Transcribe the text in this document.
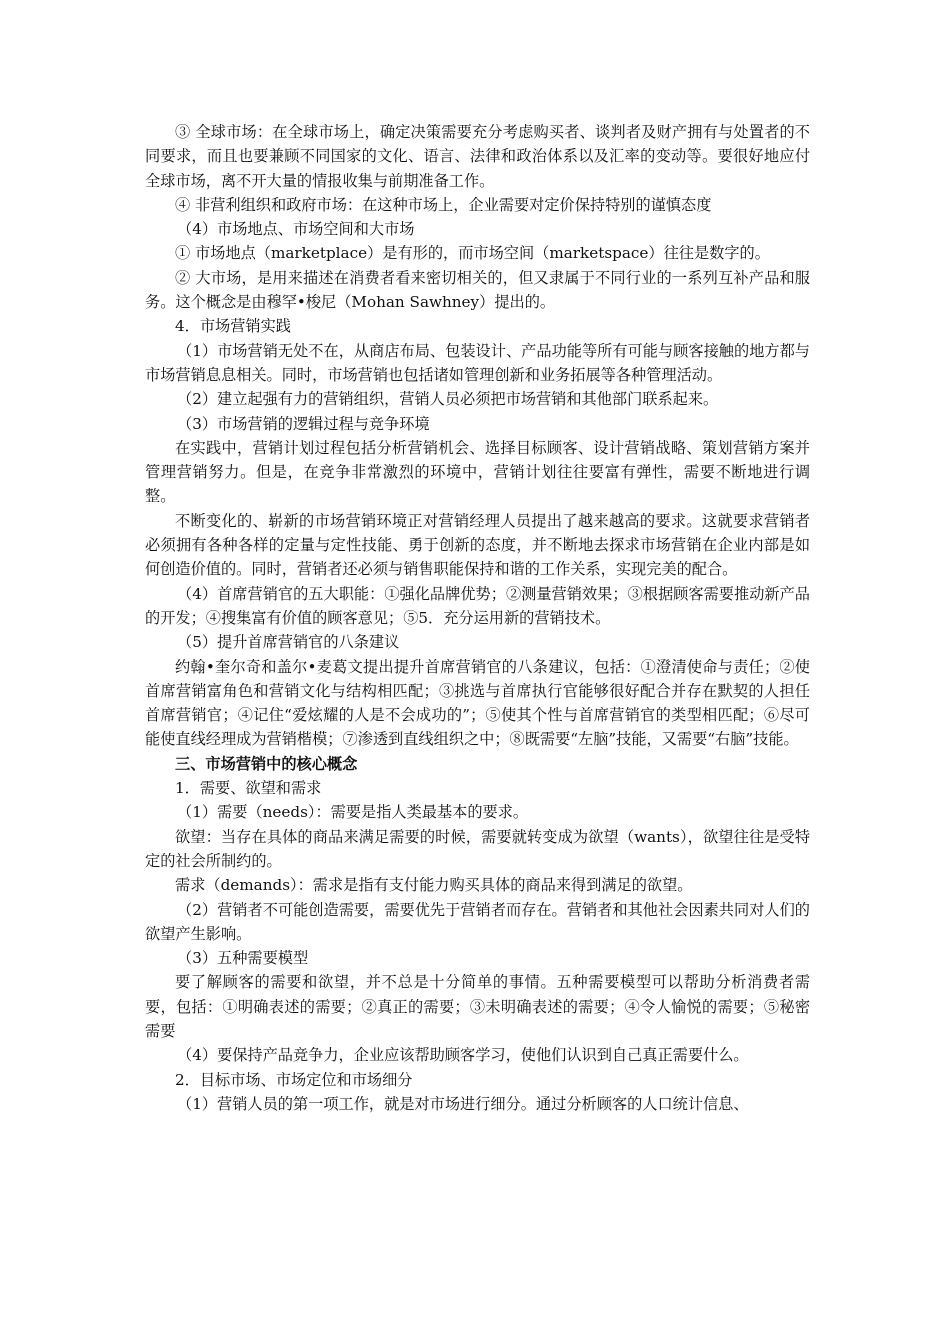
③ 全球市场：在全球市场上，确定决策需要充分考虑购买者、谈判者及财产拥有与处置者的不同要求，而且也要兼顾不同国家的文化、语言、法律和政治体系以及汇率的变动等。要很好地应付全球市场，离不开大量的情报收集与前期准备工作。

④ 非营利组织和政府市场：在这种市场上，企业需要对定价保持特别的谨慎态度

（4）市场地点、市场空间和大市场

① 市场地点（marketplace）是有形的，而市场空间（marketspace）往往是数字的。

② 大市场，是用来描述在消费者看来密切相关的，但又隶属于不同行业的一系列互补产品和服务。这个概念是由穆罕•梭尼（Mohan Sawhney）提出的。

4．市场营销实践

（1）市场营销无处不在，从商店布局、包装设计、产品功能等所有可能与顾客接触的地方都与市场营销息息相关。同时，市场营销也包括诸如管理创新和业务拓展等各种管理活动。

（2）建立起强有力的营销组织，营销人员必须把市场营销和其他部门联系起来。

（3）市场营销的逻辑过程与竞争环境

在实践中，营销计划过程包括分析营销机会、选择目标顾客、设计营销战略、策划营销方案并管理营销努力。但是，在竞争非常激烈的环境中，营销计划往往要富有弹性，需要不断地进行调整。

不断变化的、崭新的市场营销环境正对营销经理人员提出了越来越高的要求。这就要求营销者必须拥有各种各样的定量与定性技能、勇于创新的态度，并不断地去探求市场营销在企业内部是如何创造价值的。同时，营销者还必须与销售职能保持和谐的工作关系，实现完美的配合。

（4）首席营销官的五大职能：①强化品牌优势；②测量营销效果；③根据顾客需要推动新产品的开发；④搜集富有价值的顾客意见；⑤5．充分运用新的营销技术。

（5）提升首席营销官的八条建议

约翰•奎尔奇和盖尔•麦葛文提出提升首席营销官的八条建议，包括：①澄清使命与责任；②使首席营销富角色和营销文化与结构相匹配；③挑选与首席执行官能够很好配合并存在默契的人担任首席营销官；④记住“爱炫耀的人是不会成功的”；⑤使其个性与首席营销官的类型相匹配；⑥尽可能使直线经理成为营销楷模；⑦渗透到直线组织之中；⑧既需要“左脑”技能，又需要“右脑”技能。

三、市场营销中的核心概念

1．需要、欲望和需求

（1）需要（needs）：需要是指人类最基本的要求。

欲望：当存在具体的商品来满足需要的时候，需要就转变成为欲望（wants），欲望往往是受特定的社会所制约的。

需求（demands）：需求是指有支付能力购买具体的商品来得到满足的欲望。

（2）营销者不可能创造需要，需要优先于营销者而存在。营销者和其他社会因素共同对人们的欲望产生影响。

（3）五种需要模型

要了解顾客的需要和欲望，并不总是十分简单的事情。五种需要模型可以帮助分析消费者需要，包括：①明确表述的需要；②真正的需要；③未明确表述的需要；④令人愉悦的需要；⑤秘密需要

（4）要保持产品竞争力，企业应该帮助顾客学习，使他们认识到自己真正需要什么。

2．目标市场、市场定位和市场细分

（1）营销人员的第一项工作，就是对市场进行细分。通过分析顾客的人口统计信息、
